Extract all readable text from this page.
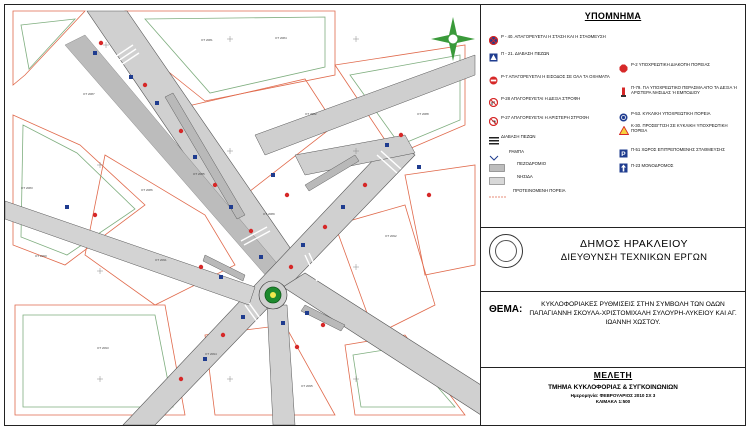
ΟΤ 2081	ΟΤ 2084
ΟΤ 2087
ΟΤ 2082
ΟΤ 2085
ΟΤ 2083	ΟΤ 2086
ΟΤ 2088
ΟΤ 2089
ΟΤ 2090
ΟΤ 2091
ΟΤ 2092
ΟΤ 2093
ΟΤ 2094
ΟΤ 2095
ΥΠΟΜΝΗΜΑ
Ρ - 40. ΑΠΑΓΟΡΕΥΕΤΑΙ Η ΣΤΑΣΗ ΚΑΙ Η ΣΤΑΘΜΕΥΣΗ
Π - 21. ΔΙΑΒΑΣΗ ΠΕΖΩΝ
Ρ-7 ΑΠΑΓΟΡΕΥΕΤΑΙ Η ΕΙΣΟΔΟΣ ΣΕ ΟΛΑ ΤΑ ΟΧΗΜΑΤΑ
Ρ-28 ΑΠΑΓΟΡΕΥΕΤΑΙ Η ΔΕΞΙΑ ΣΤΡΟΦΗ
Ρ-27 ΑΠΑΓΟΡΕΥΕΤΑΙ Η ΑΡΙΣΤΕΡΗ ΣΤΡΟΦΗ
ΔΙΑΒΑΣΗ ΠΕΖΩΝ
ΡΑΜΠΑ
ΠΕΖΟΔΡΟΜΙΟ
ΝΗΣΙΔΑ
ΠΡΟΤΕΙΝΟΜΕΝΗ ΠΟΡΕΙΑ
Ρ-2 ΥΠΟΧΡΕΩΤΙΚΗ ΔΙΑΚΟΠΗ ΠΟΡΕΙΑΣ
Π-79. ΓΙΑ ΥΠΟΧΡΕΩΤΙΚΟ ΠΕΡΑΣΜΑ ΑΠΟ ΤΑ ΔΕΞΙΑ Ή ΑΡΙΣΤΕΡΑ ΝΗΣΙΔΑΣ Ή ΕΜΠΟΔΙΟΥ
Ρ-53. ΚΥΚΛΙΚΗ ΥΠΟΧΡΕΩΤΙΚΗ ΠΟΡΕΙΑ
Κ-30. ΠΡΟΣΕΓΓΙΣΗ ΣΕ ΚΥΚΛΙΚΗ ΥΠΟΧΡΕΩΤΙΚΗ ΠΟΡΕΙΑ
P
Π-51 ΧΩΡΟΣ ΕΠΙΤΡΕΠΟΜΕΝΗΣ ΣΤΑΘΜΕΥΣΗΣ
Π-23 ΜΟΝΟΔΡΟΜΟΣ
ΔΗΜΟΣ ΗΡΑΚΛΕΙΟΥ
ΔΙΕΥΘΥΝΣΗ ΤΕΧΝΙΚΩΝ ΕΡΓΩΝ
ΘΕΜΑ:	ΚΥΚΛΟΦΟΡΙΑΚΕΣ ΡΥΘΜΙΣΕΙΣ ΣΤΗΝ ΣΥΜΒΟΛΗ ΤΩΝ ΟΔΩΝ ΠΑΠΑΓΙΑΝΝΗ ΣΚΟΥΛΑ-ΧΡΙΣΤΟΜΙΧΑΛΗ ΣΥΛΟΥΡΗ-ΛΥΚΕΙΟΥ ΚΑΙ ΑΓ. ΙΩΑΝΝΗ ΧΩΣΤΟΥ.
ΜΕΛΕΤΗ
ΤΜΗΜΑ ΚΥΚΛΟΦΟΡΙΑΣ & ΣΥΓΚΟΙΝΩΝΙΩΝ
Ημερομηνία: ΦΕΒΡΟΥΑΡΙΟΣ 2010 ΣΧ 3
ΚΛΙΜΑΚΑ 1:500
